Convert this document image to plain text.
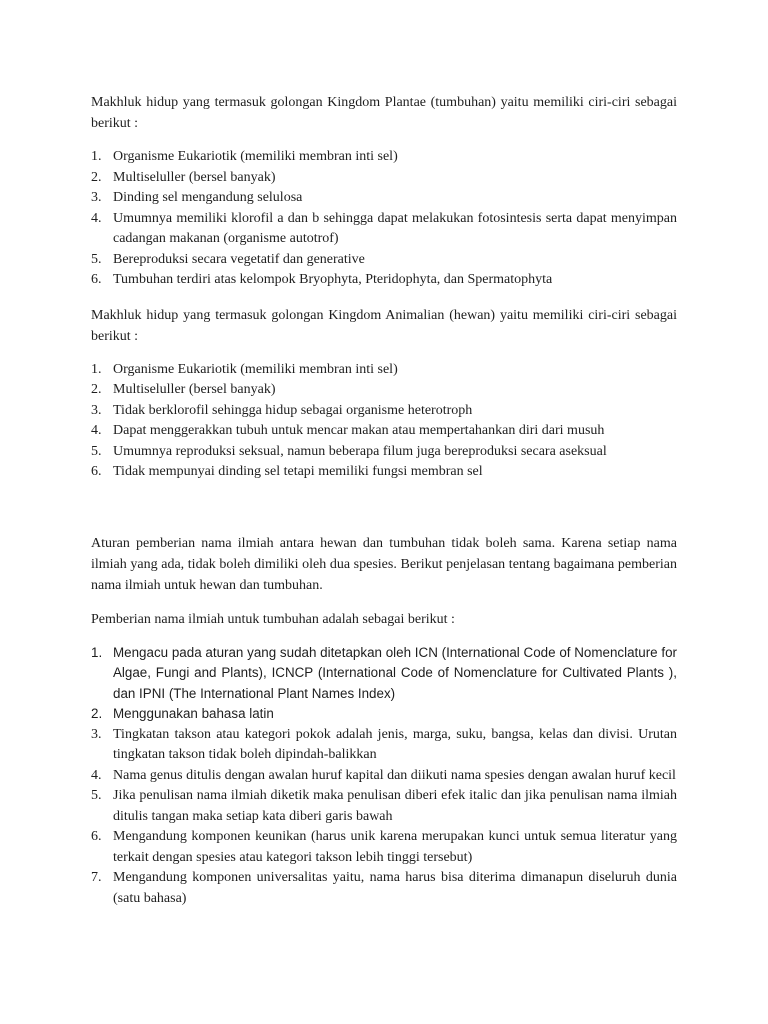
Makhluk hidup yang termasuk golongan Kingdom Plantae (tumbuhan) yaitu memiliki ciri-ciri sebagai berikut :

1. Organisme Eukariotik (memiliki membran inti sel)
2. Multiseluller (bersel banyak)
3. Dinding sel mengandung selulosa
4. Umumnya memiliki klorofil a dan b sehingga dapat melakukan fotosintesis serta dapat menyimpan cadangan makanan (organisme autotrof)
5. Bereproduksi secara vegetatif dan generative
6. Tumbuhan terdiri atas kelompok Bryophyta, Pteridophyta, dan Spermatophyta

Makhluk hidup yang termasuk golongan Kingdom Animalian (hewan) yaitu memiliki ciri-ciri sebagai berikut :

1. Organisme Eukariotik (memiliki membran inti sel)
2. Multiseluller (bersel banyak)
3. Tidak berklorofil sehingga hidup sebagai organisme heterotroph
4. Dapat menggerakkan tubuh untuk mencar makan atau mempertahankan diri dari musuh
5. Umumnya reproduksi seksual, namun beberapa filum juga bereproduksi secara aseksual
6. Tidak mempunyai dinding sel tetapi memiliki fungsi membran sel

Aturan pemberian nama ilmiah antara hewan dan tumbuhan tidak boleh sama. Karena setiap nama ilmiah yang ada, tidak boleh dimiliki oleh dua spesies. Berikut penjelasan tentang bagaimana pemberian nama ilmiah untuk hewan dan tumbuhan.

Pemberian nama ilmiah untuk tumbuhan adalah sebagai berikut :

1. Mengacu pada aturan yang sudah ditetapkan oleh ICN (International Code of Nomenclature for Algae, Fungi and Plants), ICNCP (International Code of Nomenclature for Cultivated Plants ), dan IPNI (The International Plant Names Index)
2. Menggunakan bahasa latin
3. Tingkatan takson atau kategori pokok adalah jenis, marga, suku, bangsa, kelas dan divisi. Urutan tingkatan takson tidak boleh dipindah-balikkan
4. Nama genus ditulis dengan awalan huruf kapital dan diikuti nama spesies dengan awalan huruf kecil
5. Jika penulisan nama ilmiah diketik maka penulisan diberi efek italic dan jika penulisan nama ilmiah ditulis tangan maka setiap kata diberi garis bawah
6. Mengandung komponen keunikan (harus unik karena merupakan kunci untuk semua literatur yang terkait dengan spesies atau kategori takson lebih tinggi tersebut)
7. Mengandung komponen universalitas yaitu, nama harus bisa diterima dimanapun diseluruh dunia (satu bahasa)
